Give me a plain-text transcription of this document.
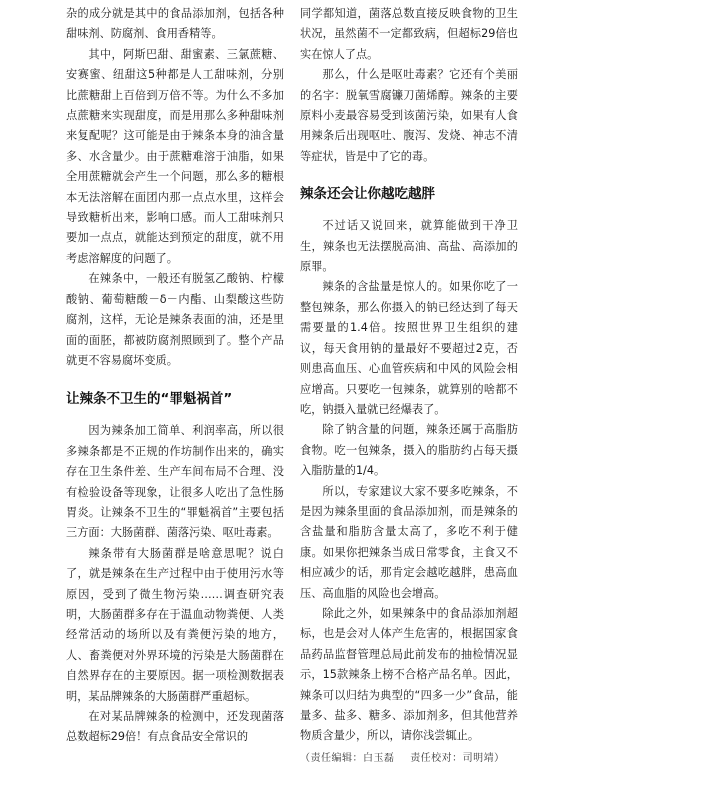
杂的成分就是其中的食品添加剂，包括各种甜味剂、防腐剂、食用香精等。

其中，阿斯巴甜、甜蜜素、三氯蔗糖、安赛蜜、纽甜这5种都是人工甜味剂，分别比蔗糖甜上百倍到万倍不等。为什么不多加点蔗糖来实现甜度，而是用那么多种甜味剂来复配呢？这可能是由于辣条本身的油含量多、水含量少。由于蔗糖难溶于油脂，如果全用蔗糖就会产生一个问题，那么多的糖根本无法溶解在面团内那一点点水里，这样会导致糖析出来，影响口感。而人工甜味剂只要加一点点，就能达到预定的甜度，就不用考虑溶解度的问题了。

在辣条中，一般还有脱氢乙酸钠、柠檬酸钠、葡萄糖酸－δ－内酯、山梨酸这些防腐剂，这样，无论是辣条表面的油，还是里面的面胚，都被防腐剂照顾到了。整个产品就更不容易腐坏变质。

让辣条不卫生的“罪魁祸首”

因为辣条加工简单、利润率高，所以很多辣条都是不正规的作坊制作出来的，确实存在卫生条件差、生产车间布局不合理、没有检验设备等现象，让很多人吃出了急性肠胃炎。让辣条不卫生的“罪魁祸首”主要包括三方面：大肠菌群、菌落污染、呕吐毒素。

辣条带有大肠菌群是啥意思呢？说白了，就是辣条在生产过程中由于使用污水等原因，受到了微生物污染……调查研究表明，大肠菌群多存在于温血动物粪便、人类经常活动的场所以及有粪便污染的地方，人、畜粪便对外界环境的污染是大肠菌群在自然界存在的主要原因。据一项检测数据表明，某品牌辣条的大肠菌群严重超标。

在对某品牌辣条的检测中，还发现菌落总数超标29倍！有点食品安全常识的

同学都知道，菌落总数直接反映食物的卫生状况，虽然菌不一定都致病，但超标29倍也实在惊人了点。

那么，什么是呕吐毒素？它还有个美丽的名字：脱氧雪腐镰刀菌烯醇。辣条的主要原料小麦最容易受到该菌污染，如果有人食用辣条后出现呕吐、腹泻、发烧、神志不清等症状，皆是中了它的毒。

辣条还会让你越吃越胖

不过话又说回来，就算能做到干净卫生，辣条也无法摆脱高油、高盐、高添加的原罪。

辣条的含盐量是惊人的。如果你吃了一整包辣条，那么你摄入的钠已经达到了每天需要量的1.4倍。按照世界卫生组织的建议，每天食用钠的量最好不要超过2克，否则患高血压、心血管疾病和中风的风险会相应增高。只要吃一包辣条，就算别的啥都不吃，钠摄入量就已经爆表了。

除了钠含量的问题，辣条还属于高脂肪食物。吃一包辣条，摄入的脂肪约占每天摄入脂肪量的1/4。

所以，专家建议大家不要多吃辣条，不是因为辣条里面的食品添加剂，而是辣条的含盐量和脂肪含量太高了，多吃不利于健康。如果你把辣条当成日常零食，主食又不相应减少的话，那肯定会越吃越胖，患高血压、高血脂的风险也会增高。

除此之外，如果辣条中的食品添加剂超标，也是会对人体产生危害的，根据国家食品药品监督管理总局此前发布的抽检情况显示，15款辣条上榜不合格产品名单。因此，辣条可以归结为典型的“四多一少”食品，能量多、盐多、糖多、添加剂多，但其他营养物质含量少，所以，请你浅尝辄止。

（责任编辑：白玉磊 责任校对：司明靖）
